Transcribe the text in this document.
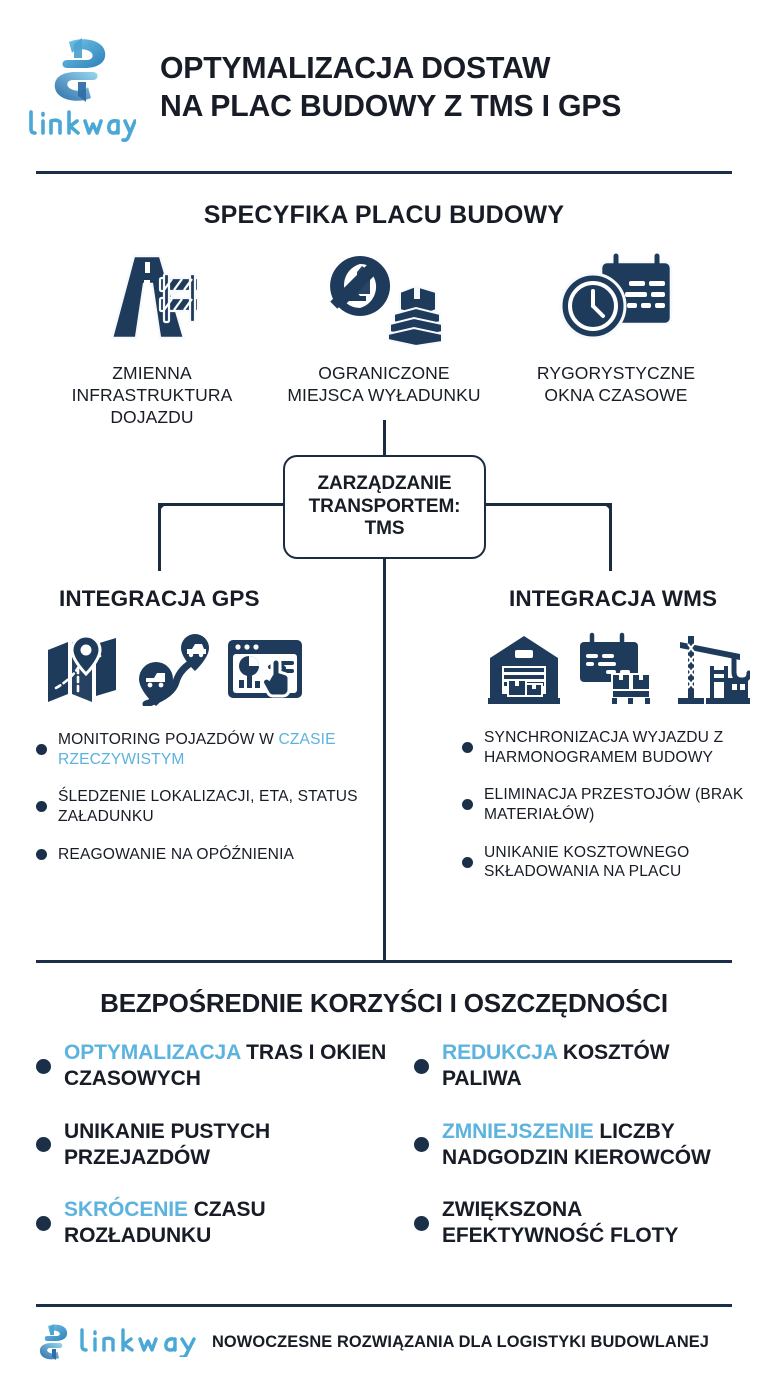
OPTYMALIZACJA DOSTAW
NA PLAC BUDOWY Z TMS I GPS
SPECYFIKA PLACU BUDOWY
ZMIENNA
INFRASTRUKTURA
DOJAZDU
OGRANICZONE
MIEJSCA WYŁADUNKU
RYGORYSTYCZNE
OKNA CZASOWE
ZARZĄDZANIE
TRANSPORTEM:
TMS
INTEGRACJA GPS
MONITORING POJAZDÓW W CZASIE RZECZYWISTYM
ŚLEDZENIE LOKALIZACJI, ETA, STATUS ZAŁADUNKU
REAGOWANIE NA OPÓŹNIENIA
INTEGRACJA WMS
SYNCHRONIZACJA WYJAZDU Z HARMONOGRAMEM BUDOWY
ELIMINACJA PRZESTOJÓW (BRAK MATERIAŁÓW)
UNIKANIE KOSZTOWNEGO SKŁADOWANIA NA PLACU
BEZPOŚREDNIE KORZYŚCI I OSZCZĘDNOŚCI
OPTYMALIZACJA TRAS I OKIEN CZASOWYCH
REDUKCJA KOSZTÓW PALIWA
UNIKANIE PUSTYCH PRZEJAZDÓW
ZMNIEJSZENIE LICZBY NADGODZIN KIEROWCÓW
SKRÓCENIE CZASU ROZŁADUNKU
ZWIĘKSZONA EFEKTYWNOŚĆ FLOTY
NOWOCZESNE ROZWIĄZANIA DLA LOGISTYKI BUDOWLANEJ
